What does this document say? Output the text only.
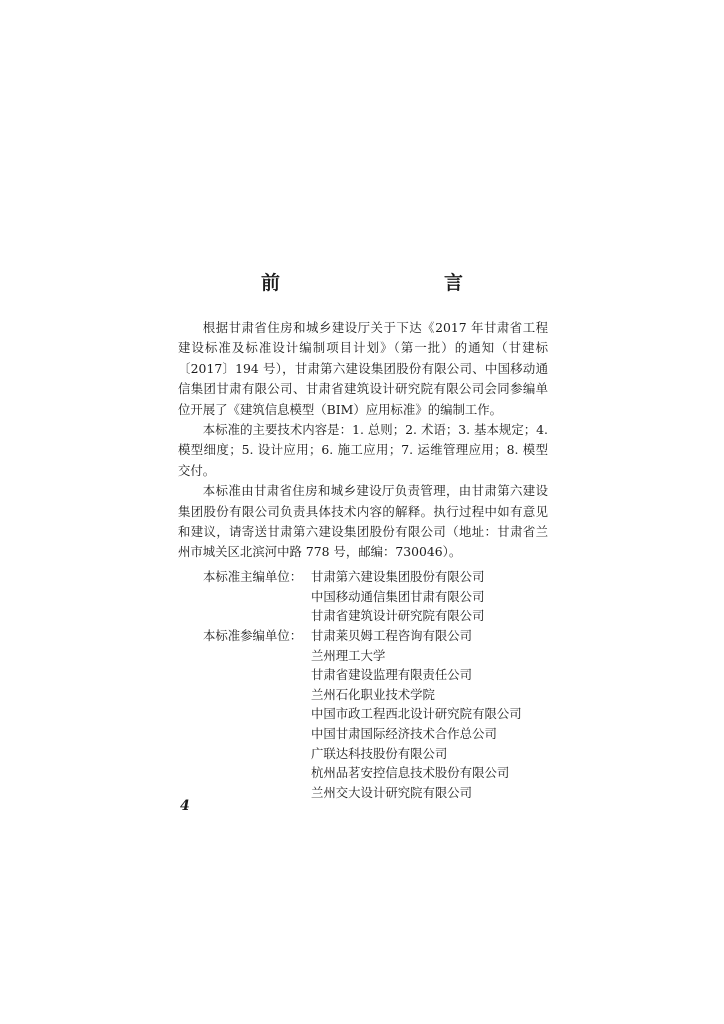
前　　言

根据甘肃省住房和城乡建设厅关于下达《2017 年甘肃省工程建设标准及标准设计编制项目计划》（第一批）的通知（甘建标〔2017〕194 号），甘肃第六建设集团股份有限公司、中国移动通信集团甘肃有限公司、甘肃省建筑设计研究院有限公司会同参编单位开展了《建筑信息模型（BIM）应用标准》的编制工作。

本标准的主要技术内容是：1. 总则；2. 术语；3. 基本规定；4. 模型细度；5. 设计应用；6. 施工应用；7. 运维管理应用；8. 模型交付。

本标准由甘肃省住房和城乡建设厅负责管理，由甘肃第六建设集团股份有限公司负责具体技术内容的解释。执行过程中如有意见和建议，请寄送甘肃第六建设集团股份有限公司（地址：甘肃省兰州市城关区北滨河中路 778 号，邮编：730046）。

本标准主编单位： 甘肃第六建设集团股份有限公司
中国移动通信集团甘肃有限公司
甘肃省建筑设计研究院有限公司
本标准参编单位： 甘肃莱贝姆工程咨询有限公司
兰州理工大学
甘肃省建设监理有限责任公司
兰州石化职业技术学院
中国市政工程西北设计研究院有限公司
中国甘肃国际经济技术合作总公司
广联达科技股份有限公司
杭州品茗安控信息技术股份有限公司
兰州交大设计研究院有限公司
4
